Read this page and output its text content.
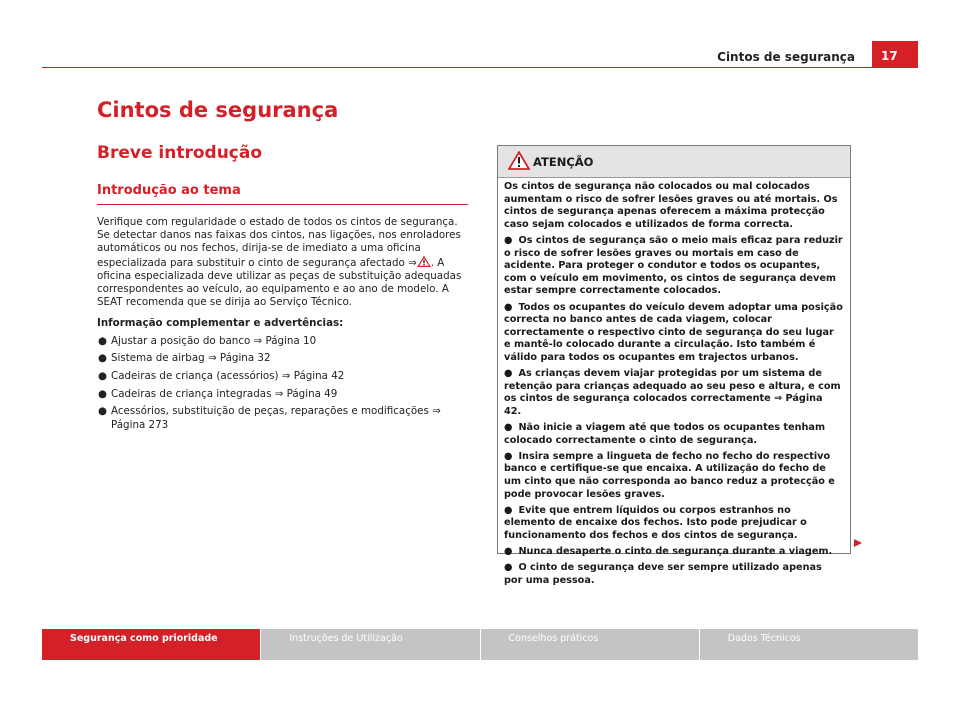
Cintos de segurança	17
Cintos de segurança
Breve introdução
Introdução ao tema

Verifique com regularidade o estado de todos os cintos de segurança. Se detectar danos nas faixas dos cintos, nas ligações, nos enroladores automáticos ou nos fechos, dirija-se de imediato a uma oficina especializada para substituir o cinto de segurança afectado ⇒ . A oficina especializada deve utilizar as peças de substituição adequadas correspondentes ao veículo, ao equipamento e ao ano de modelo. A SEAT recomenda que se dirija ao Serviço Técnico.

Informação complementar e advertências:

● Ajustar a posição do banco ⇒ Página 10
● Sistema de airbag ⇒ Página 32
● Cadeiras de criança (acessórios) ⇒ Página 42
● Cadeiras de criança integradas ⇒ Página 49
● Acessórios, substituição de peças, reparações e modificações ⇒ Página 273
ATENÇÃO

Os cintos de segurança não colocados ou mal colocados aumentam o risco de sofrer lesões graves ou até mortais. Os cintos de segurança apenas oferecem a máxima protecção caso sejam colocados e utilizados de forma correcta.

● Os cintos de segurança são o meio mais eficaz para reduzir o risco de sofrer lesões graves ou mortais em caso de acidente. Para proteger o condutor e todos os ocupantes, com o veículo em movimento, os cintos de segurança devem estar sempre correctamente colocados.

● Todos os ocupantes do veículo devem adoptar uma posição correcta no banco antes de cada viagem, colocar correctamente o respectivo cinto de segurança do seu lugar e mantê-lo colocado durante a circulação. Isto também é válido para todos os ocupantes em trajectos urbanos.

● As crianças devem viajar protegidas por um sistema de retenção para crianças adequado ao seu peso e altura, e com os cintos de segurança colocados correctamente ⇒ Página 42.

● Não inicie a viagem até que todos os ocupantes tenham colocado correctamente o cinto de segurança.

● Insira sempre a lingueta de fecho no fecho do respectivo banco e certifique-se que encaixa. A utilização do fecho de um cinto que não corresponda ao banco reduz a protecção e pode provocar lesões graves.

● Evite que entrem líquidos ou corpos estranhos no elemento de encaixe dos fechos. Isto pode prejudicar o funcionamento dos fechos e dos cintos de segurança.

● Nunca desaperte o cinto de segurança durante a viagem.

● O cinto de segurança deve ser sempre utilizado apenas por uma pessoa.

Segurança como prioridade	Instruções de Utilização	Conselhos práticos	Dados Técnicos
